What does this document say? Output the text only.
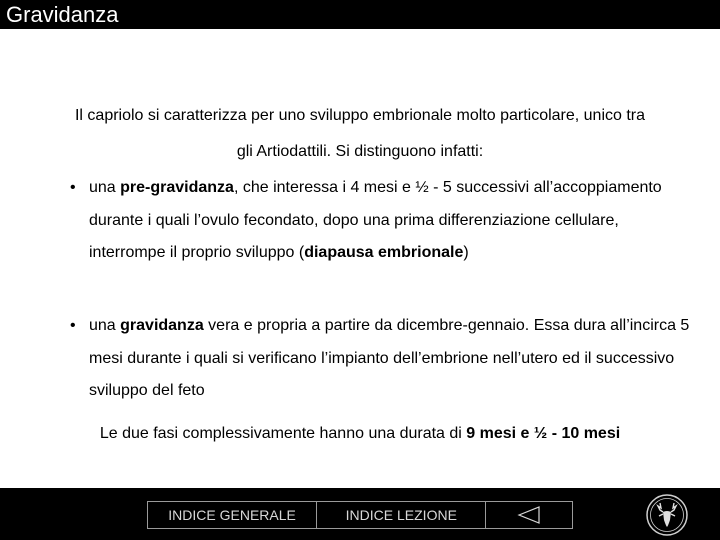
Il capriolo si caratterizza per uno sviluppo embrionale molto particolare, unico tra
gli Artiodattili. Si distinguono infatti:
• una pre-gravidanza, che interessa i 4 mesi e ½ - 5 successivi all’accoppiamento durante i quali l’ovulo fecondato, dopo una prima differenziazione cellulare, interrompe il proprio sviluppo (diapausa embrionale)
• una gravidanza vera e propria a partire da dicembre-gennaio. Essa dura all’incirca 5 mesi durante i quali si verificano l’impianto dell’embrione nell’utero ed il successivo sviluppo del feto
Le due fasi complessivamente hanno una durata di 9 mesi e ½ - 10 mesi
Gravidanza
INDICE GENERALE	INDICE LEZIONE
